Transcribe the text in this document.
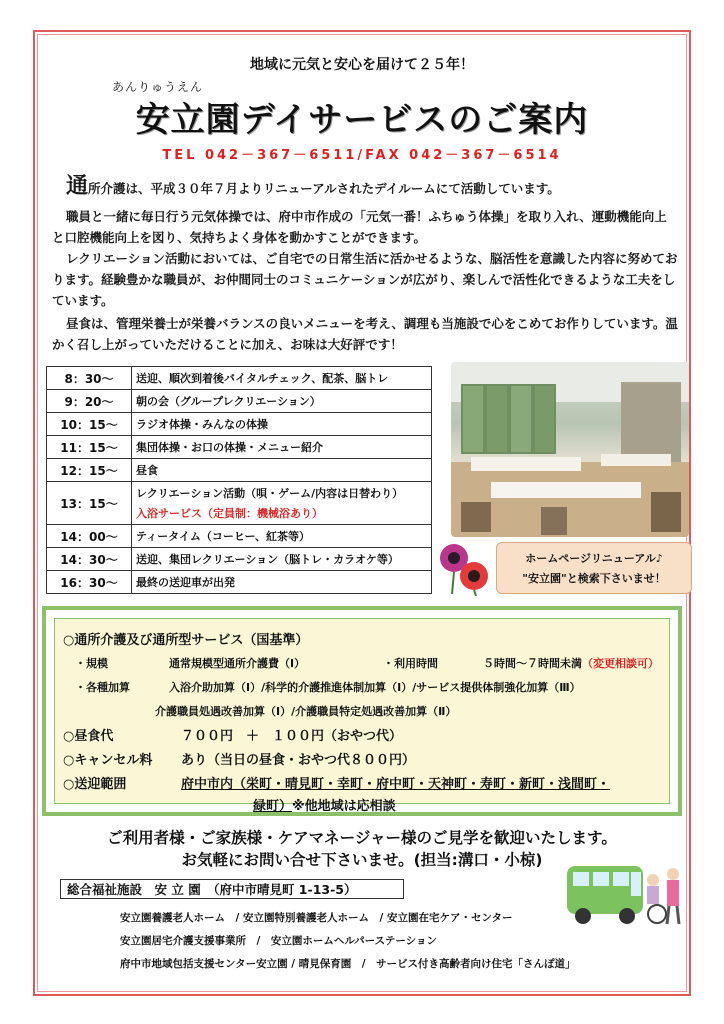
地域に元気と安心を届けて２５年！
あんりゅうえん
安立園デイサービスのご案内
TEL 042－367－6511/FAX 042－367－6514
通所介護は、平成３０年７月よりリニューアルされたデイルームにて活動しています。
職員と一緒に毎日行う元気体操では、府中市作成の「元気一番！ふちゅう体操」を取り入れ、運動機能向上と口腔機能向上を図り、気持ちよく身体を動かすことができます。
レクリエーション活動においては、ご自宅での日常生活に活かせるような、脳活性を意識した内容に努めております。経験豊かな職員が、お仲間同士のコミュニケーションが広がり、楽しんで活性化できるような工夫をしています。
昼食は、管理栄養士が栄養バランスの良いメニューを考え、調理も当施設で心をこめてお作りしています。温かく召し上がっていただけることに加え、お味は大好評です！
8：30～	送迎、順次到着後バイタルチェック、配茶、脳トレ
9：20～	朝の会（グループレクリエーション）
10：15～	ラジオ体操・みんなの体操
11：15～	集団体操・お口の体操・メニュー紹介
12：15～	昼食
13：15～	レクリエーション活動（唄・ゲーム/内容は日替わり）
入浴サービス（定員制：機械浴あり）

14：00～	ティータイム（コーヒー、紅茶等）
14：30～	送迎、集団レクリエーション（脳トレ・カラオケ等）
16：30～	最終の送迎車が出発
ホームページリニューアル♪
"安立園"と検索下さいませ！
○通所介護及び通所型サービス（国基準）
・規模	通常規模型通所介護費（Ⅰ）	・利用時間	５時間～７時間未満（変更相談可）
・各種加算	入浴介助加算（Ⅰ）/科学的介護推進体制加算（Ⅰ）/サービス提供体制強化加算（Ⅲ）
介護職員処遇改善加算（Ⅰ）/介護職員特定処遇改善加算（Ⅱ）
○昼食代	７００円　＋　１００円（おやつ代）
○キャンセル料 あり（当日の昼食・おやつ代８００円）
○送迎範囲	府中市内（栄町・晴見町・幸町・府中町・天神町・寿町・新町・浅間町・
緑町）※他地域は応相談
ご利用者様・ご家族様・ケアマネージャー様のご見学を歓迎いたします。
お気軽にお問い合せ下さいませ。(担当:溝口・小椋)
総合福祉施設　安 立 園　（府中市晴見町 1-13-5）
安立園養護老人ホーム　/ 安立園特別養護老人ホーム　/ 安立園在宅ケア・センター
安立園居宅介護支援事業所　/　安立園ホームヘルパーステーション
府中市地域包括支援センター安立園 / 晴見保育園　/　サービス付き高齢者向け住宅「さんぽ道」
